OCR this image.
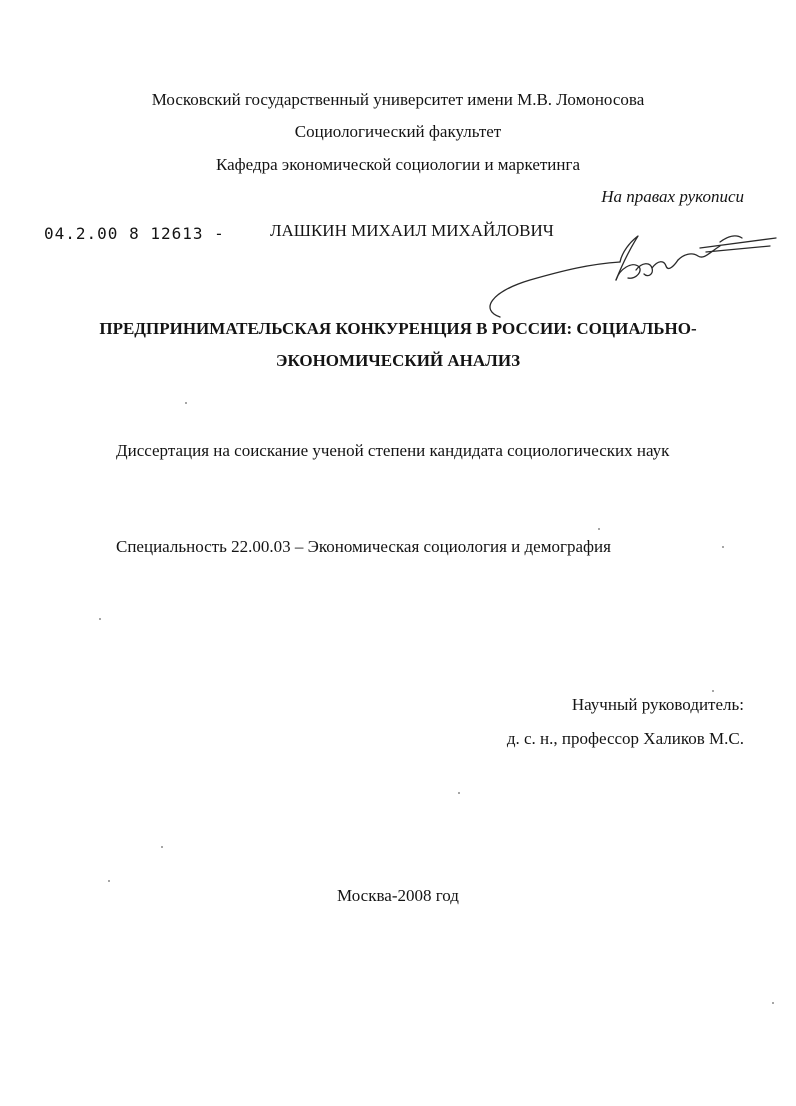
Московский государственный университет имени М.В. Ломоносова
Социологический факультет
Кафедра экономической социологии и маркетинга
На правах рукописи
04.2.00 8 12613 -	ЛАШКИН МИХАИЛ МИХАЙЛОВИЧ
ПРЕДПРИНИМАТЕЛЬСКАЯ КОНКУРЕНЦИЯ В РОССИИ: СОЦИАЛЬНО-
ЭКОНОМИЧЕСКИЙ АНАЛИЗ
Диссертация на соискание ученой степени кандидата социологических наук
Специальность 22.00.03 – Экономическая социология и демография
Научный руководитель:
д. с. н., профессор Халиков М.С.
Москва-2008 год
